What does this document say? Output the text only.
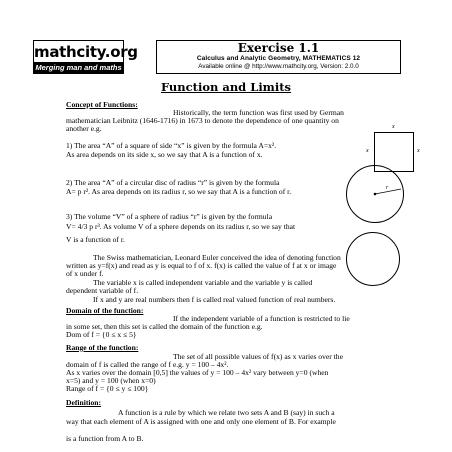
mathcity.org
Merging man and maths
Exercise 1.1
Calculus and Analytic Geometry, MATHEMATICS 12
Available online @ http://www.mathcity.org, Version: 2.0.0
Function and Limits
Concept of Functions:
Historically, the term function was first used by German
mathematician Leibnitz (1646-1716) in 1673 to denote the dependence of one quantity on
another e.g.
1) The area “A” of a square of side “x” is given by the formula A=x².
As area depends on its side x, so we say that A is a function of x.
x
x	x
2) The area “A” of a circular disc of radius “r” is given by the formula
A= p r². As area depends on its radius r, so we say that A is a function of r.	r
3) The volume “V” of a sphere of radius “r” is given by the formula
V= 4/3 p r³. As volume V of a sphere depends on its radius r, so we say that
V is a function of r.
The Swiss mathematician, Leonard Euler conceived the idea of denoting function
written as y=f(x) and read as y is equal to f of x. f(x) is called the value of f at x or image
of x under f.
The variable x is called independent variable and the variable y is called
dependent variable of f.
If x and y are real numbers then f is called real valued function of real numbers.
Domain of the function:
If the independent variable of a function is restricted to lie
in some set, then this set is called the domain of the function e.g.
Dom of f = {0 ≤ x ≤ 5}
Range of the function:
The set of all possible values of f(x) as x varies over the
domain of f is called the range of f e.g. y = 100 – 4x².
As x varies over the domain [0,5] the values of y = 100 – 4x² vary between y=0 (when
x=5) and y = 100 (when x=0)
Range of f = {0 ≤ y ≤ 100}
Definition:
A function is a rule by which we relate two sets A and B (say) in such a
way that each element of A is assigned with one and only one element of B. For example
is a function from A to B.
